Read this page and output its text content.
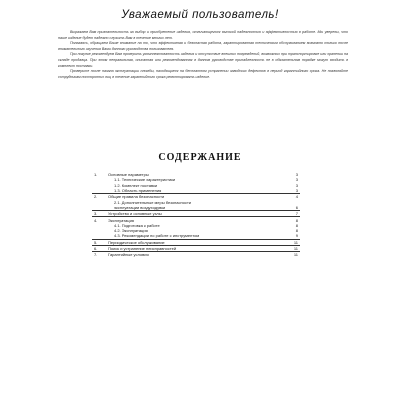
Уважаемый пользователь!

Выражаем Вам признательность за выбор и приобретение изделия, отличающегося высокой надежностью и эффективностью в работе. Мы уверены, что наше изделие будет надежно служить Вам в течение многих лет.

Полагаясь, обращаем Ваше внимание на то, что эффективная и безопасная работа, гарантированная техническим обслуживанием возможно только после внимательного изучения Вами данного руководства пользователя.

При покупке рекомендуем Вам проверить укомплектованность изделия и отсутствие внешних повреждений, возможных при транспортировке или хранении на складе продавца. При этом неправильная, описанная или рекомендованная в данном руководстве принадлежность не в обязательном порядке могут входить в комплект поставки.

Проверьте после начала эксплуатации пломбы, находящиеся на бесплатном устранении заводских дефектов в период гарантийного срока. Не позволяйте сотрудникам посторонних лиц в течение гарантийного срока ремонтировать изделие.

СОДЕРЖАНИЕ
1.	Основные параметры	3
	1.1. Технические характеристики	3
	1.2. Комплект поставки	3
	1.3. Область применения	3
2.	Общие правила безопасности	4
	2.1. Дополнительные меры безопасности	
	эксплуатации воздуходувки	6
3.	Устройство и основные узлы	7
4.	Эксплуатация	8
	4.1. Подготовка к работе	8
	4.2. Эксплуатация	8
	4.3. Рекомендации по работе с инструментом	9
5.	Периодическое обслуживание	11
6.	Поиск и устранение неисправностей	11
7.	Гарантийные условия	11
